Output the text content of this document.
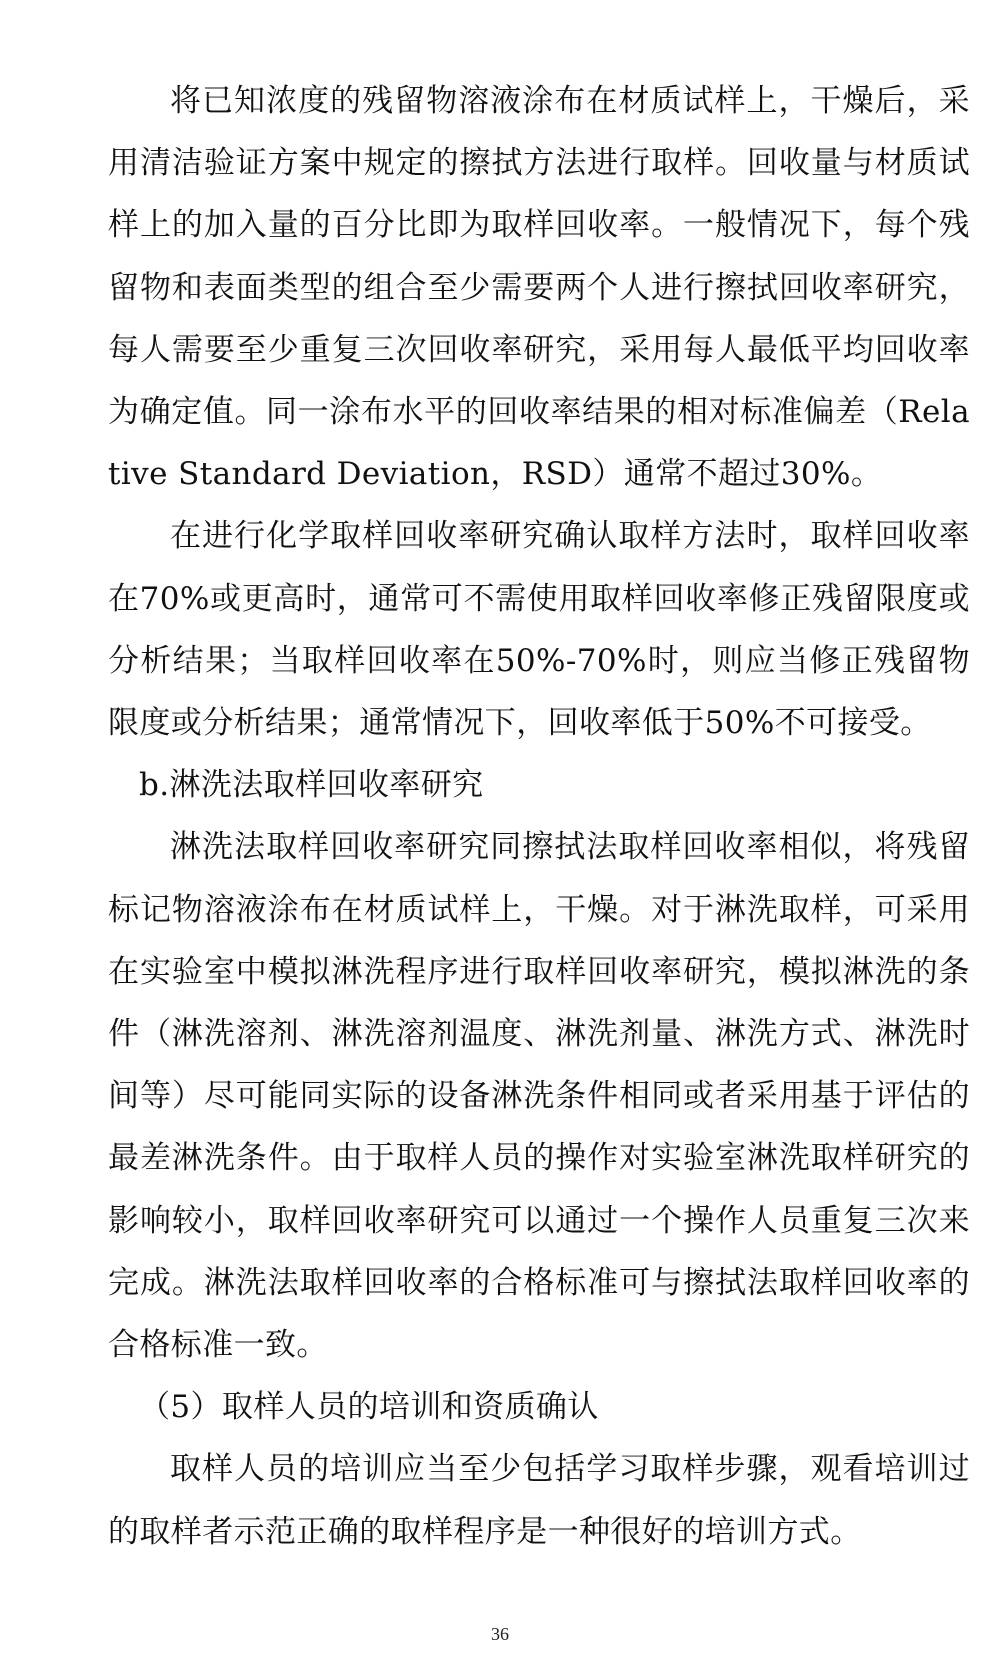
将已知浓度的残留物溶液涂布在材质试样上，干燥后，采用清洁验证方案中规定的擦拭方法进行取样。回收量与材质试样上的加入量的百分比即为取样回收率。一般情况下，每个残留物和表面类型的组合至少需要两个人进行擦拭回收率研究，每人需要至少重复三次回收率研究，采用每人最低平均回收率为确定值。同一涂布水平的回收率结果的相对标准偏差（Relative Standard Deviation，RSD）通常不超过30%。

在进行化学取样回收率研究确认取样方法时，取样回收率在70%或更高时，通常可不需使用取样回收率修正残留限度或分析结果；当取样回收率在50%-70%时，则应当修正残留物限度或分析结果；通常情况下，回收率低于50%不可接受。

b.淋洗法取样回收率研究

淋洗法取样回收率研究同擦拭法取样回收率相似，将残留标记物溶液涂布在材质试样上，干燥。对于淋洗取样，可采用在实验室中模拟淋洗程序进行取样回收率研究，模拟淋洗的条件（淋洗溶剂、淋洗溶剂温度、淋洗剂量、淋洗方式、淋洗时间等）尽可能同实际的设备淋洗条件相同或者采用基于评估的最差淋洗条件。由于取样人员的操作对实验室淋洗取样研究的影响较小，取样回收率研究可以通过一个操作人员重复三次来完成。淋洗法取样回收率的合格标准可与擦拭法取样回收率的合格标准一致。

（5）取样人员的培训和资质确认

取样人员的培训应当至少包括学习取样步骤，观看培训过的取样者示范正确的取样程序是一种很好的培训方式。

36
